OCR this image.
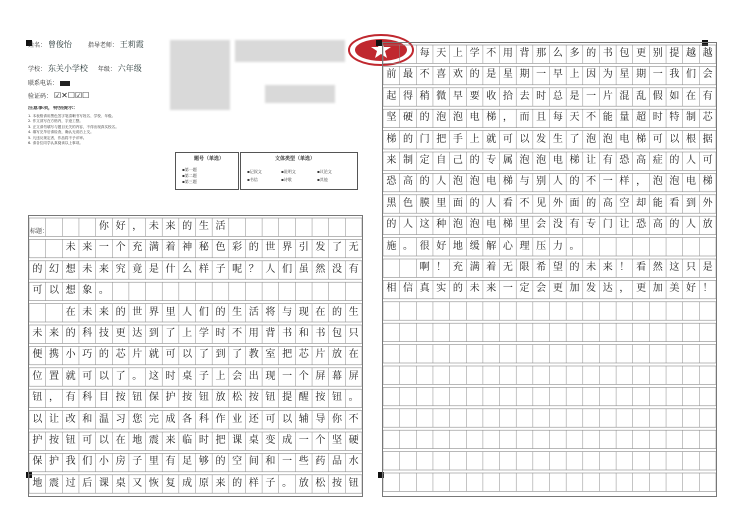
姓名： 曾俊怡	指导老师： 王莉霞
学校： 东关小学校 年级： 六年级
联系电话：
验证码： ☑✕☐☑☐
注意事项，特别提示：
1. 本表格请用黑色签字笔清晰书写姓名、学校、年级。
2. 作文须写在方格内，字迹工整。
3. 正文请勿填写与题目无关的内容，不得出现真实校名。
4. 填写完毕后请检查，确认无误后上交。
5. 凡违反规定者，作品将不予评审。
6. 请各位同学认真阅读以上事项。
题号（单选）
▪第一题
▪第二题
▪第三题
文体类型（单选）
▪记叙文	▪说明文	▪议论文
▪书信	▪诗歌	▪其他
标题：	你 好 ， 未 来 的 生 活
未 来 一 个 充 满 着 神 秘 色 彩 的 世 界 引 发 了 无
的 幻 想 未 来 究 竟 是 什 么 样 子 呢 ？ 人 们 虽 然 没 有
可 以 想 象 。
在 未 来 的 世 界 里 人 们 的 生 活 将 与 现 在 的 生
未 来 的 科 技 更 达 到 了 上 学 时 不 用 背 书 和 书 包 只
便 携 小 巧 的 芯 片 就 可 以 了 到 了 教 室 把 芯 片 放 在
位 置 就 可 以 了 。 这 时 桌 子 上 会 出 现 一 个 屏 幕 屏
钮 ， 有 科 目 按 钮 保 护 按 钮 放 松 按 钮 提 醒 按 钮 。
以 让 改 和 温 习 您 完 成 各 科 作 业 还 可 以 辅 导 你 不
护 按 钮 可 以 在 地 震 来 临 时 把 课 桌 变 成 一 个 坚 硬
保 护 我 们 小 房 子 里 有 足 够 的 空 间 和 一 些 药 品 水
地 震 过 后 课 桌 又 恢 复 成 原 来 的 样 子 。 放 松 按 钮
每 天 上 学 不 用 背 那 么 多 的 书 包 更 别 提 越 越
前 最 不 喜 欢 的 是 星 期 一 早 上 因 为 星 期 一 我 们 会
起 得 稍 微 早 要 收 拾 去 时 总 是 一 片 混 乱 假 如 在 有
坚 硬 的 泡 泡 电 梯 ， 而 且 每 天 不 能 量 超 时 特 制 芯
梯 的 门 把 手 上 就 可 以 发 生 了 泡 泡 电 梯 可 以 根 据
来 制 定 自 己 的 专 属 泡 泡 电 梯 让 有 恐 高 症 的 人 可
恐 高 的 人 泡 泡 电 梯 与 别 人 的 不 一 样 ， 泡 泡 电 梯
黑 色 膜 里 面 的 人 看 不 见 外 面 的 高 空 却 能 看 到 外
的 人 这 种 泡 泡 电 梯 里 会 没 有 专 门 让 恐 高 的 人 放
施 。 很 好 地 缓 解 心 理 压 力 。
啊 ！ 充 满 着 无 限 希 望 的 未 来 ！ 看 然 这 只 是
相 信 真 实 的 未 来 一 定 会 更 加 发 达 ， 更 加 美 好 ！
